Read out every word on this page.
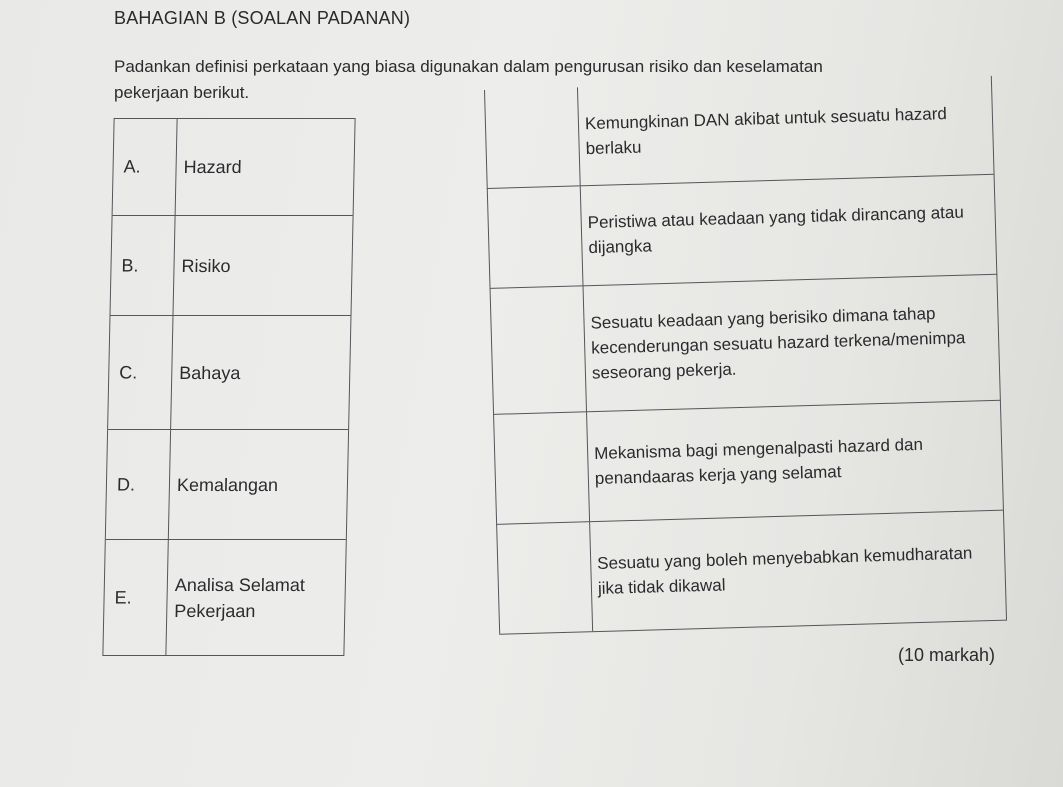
BAHAGIAN B (SOALAN PADANAN)
Padankan definisi perkataan yang biasa digunakan dalam pengurusan risiko dan keselamatan pekerjaan berikut.
A. Hazard
B. Risiko
C. Bahaya
D. Kemalangan
E.
Analisa Selamat Pekerjaan
Kemungkinan DAN akibat untuk sesuatu hazard berlaku
Peristiwa atau keadaan yang tidak dirancang atau dijangka
Sesuatu keadaan yang berisiko dimana tahap kecenderungan sesuatu hazard terkena/menimpa seseorang pekerja.
Mekanisma bagi mengenalpasti hazard dan penandaaras kerja yang selamat
Sesuatu yang boleh menyebabkan kemudharatan jika tidak dikawal
(10 markah)
